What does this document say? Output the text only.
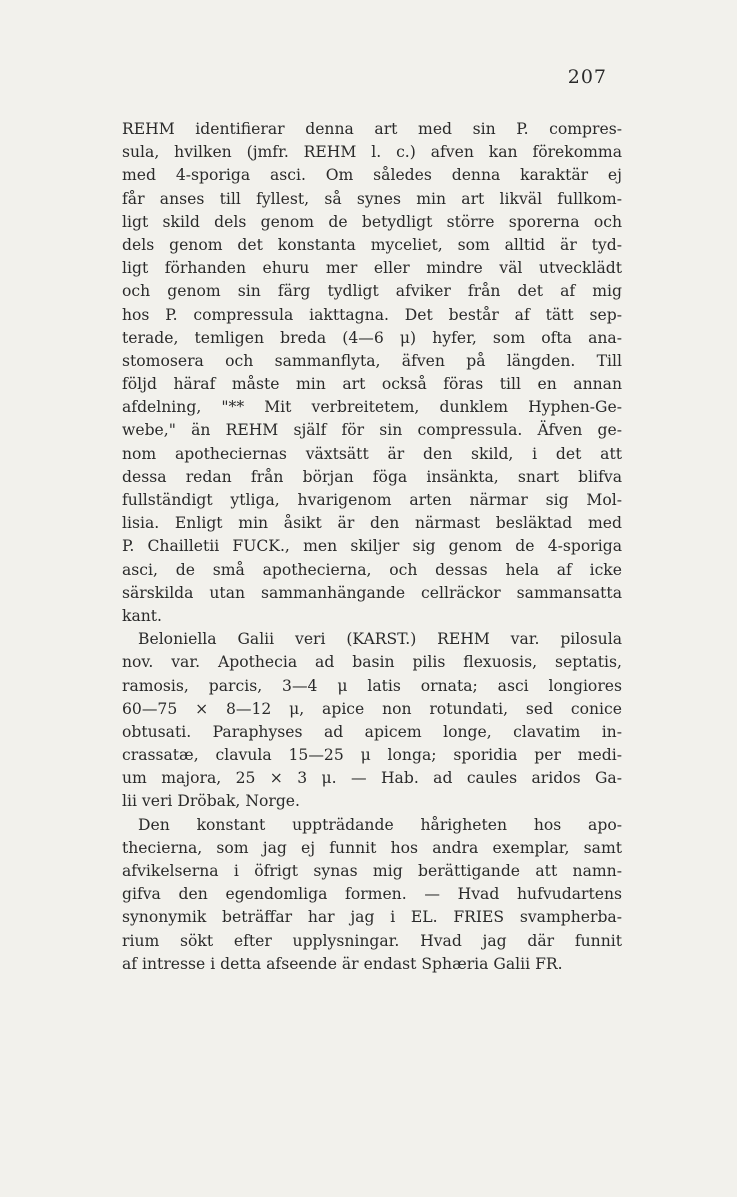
207
REHM identifierar denna art med sin P. compres-
sula, hvilken (jmfr. REHM l. c.) afven kan förekomma
med 4-sporiga asci. Om således denna karaktär ej
får anses till fyllest, så synes min art likväl fullkom-
ligt skild dels genom de betydligt större sporerna och
dels genom det konstanta myceliet, som alltid är tyd-
ligt förhanden ehuru mer eller mindre väl utvecklädt
och genom sin färg tydligt afviker från det af mig
hos P. compressula iakttagna. Det består af tätt sep-
terade, temligen breda (4—6 μ) hyfer, som ofta ana-
stomosera och sammanflyta, äfven på längden. Till
följd häraf måste min art också föras till en annan
afdelning, "** Mit verbreitetem, dunklem Hyphen-Ge-
webe," än REHM själf för sin compressula. Äfven ge-
nom apotheciernas växtsätt är den skild, i det att
dessa redan från början föga insänkta, snart blifva
fullständigt ytliga, hvarigenom arten närmar sig Mol-
lisia. Enligt min åsikt är den närmast besläktad med
P. Chailletii FUCK., men skiljer sig genom de 4-sporiga
asci, de små apothecierna, och dessas hela af icke
särskilda utan sammanhängande cellräckor sammansatta
kant.
Beloniella Galii veri (KARST.) REHM var. pilosula
nov. var. Apothecia ad basin pilis flexuosis, septatis,
ramosis, parcis, 3—4 μ latis ornata; asci longiores
60—75 × 8—12 μ, apice non rotundati, sed conice
obtusati. Paraphyses ad apicem longe, clavatim in-
crassatæ, clavula 15—25 μ longa; sporidia per medi-
um majora, 25 × 3 μ. — Hab. ad caules aridos Ga-
lii veri Dröbak, Norge.
Den konstant uppträdande hårigheten hos apo-
thecierna, som jag ej funnit hos andra exemplar, samt
afvikelserna i öfrigt synas mig berättigande att namn-
gifva den egendomliga formen. — Hvad hufvudartens
synonymik beträffar har jag i EL. FRIES svampherba-
rium sökt efter upplysningar. Hvad jag där funnit
af intresse i detta afseende är endast Sphæria Galii FR.
